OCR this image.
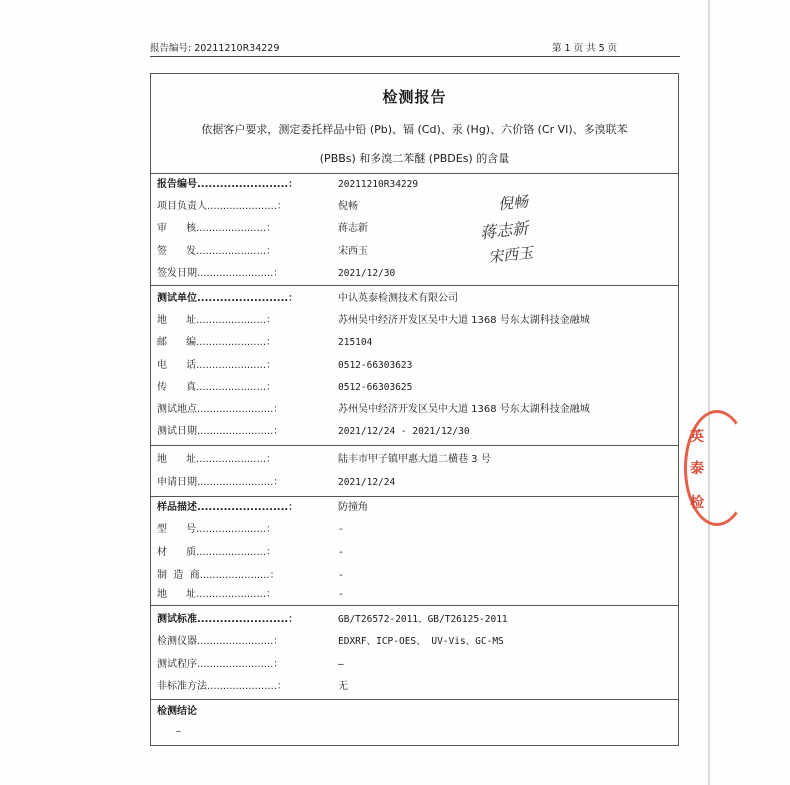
报告编号: 20211210R34229	第 1 页 共 5 页
检测报告
依据客户要求，测定委托样品中铅 (Pb)、镉 (Cd)、汞 (Hg)、六价铬 (Cr VI)、多溴联苯
(PBBs) 和多溴二苯醚 (PBDEs) 的含量
报告编号........................：	20211210R34229
项目负责人......................：	倪畅
审      核......................：	蒋志新
签      发......................：	宋西玉
签发日期........................：	2021/12/30
测试单位........................：	中认英泰检测技术有限公司
地      址......................：	苏州吴中经济开发区吴中大道 1368 号东太湖科技金融城
邮      编......................：	215104
电      话......................：	0512-66303623
传      真......................：	0512-66303625
测试地点........................：	苏州吴中经济开发区吴中大道 1368 号东太湖科技金融城
测试日期........................：	2021/12/24 - 2021/12/30
地      址......................：	陆丰市甲子镇甲惠大道二横巷 3 号
申请日期........................：	2021/12/24
样品描述........................：	防撞角
型      号......................：	-
材      质......................：	-
制  造  商......................：	-
地      址......................：	-
测试标准........................：	GB/T26572-2011、GB/T26125-2011
检测仪器........................：	EDXRF、ICP-OES、 UV-Vis、GC-MS
测试程序........................：	—
非标准方法......................：	无
检测结论
–
倪畅
蒋志新
宋西玉
英
泰
检
